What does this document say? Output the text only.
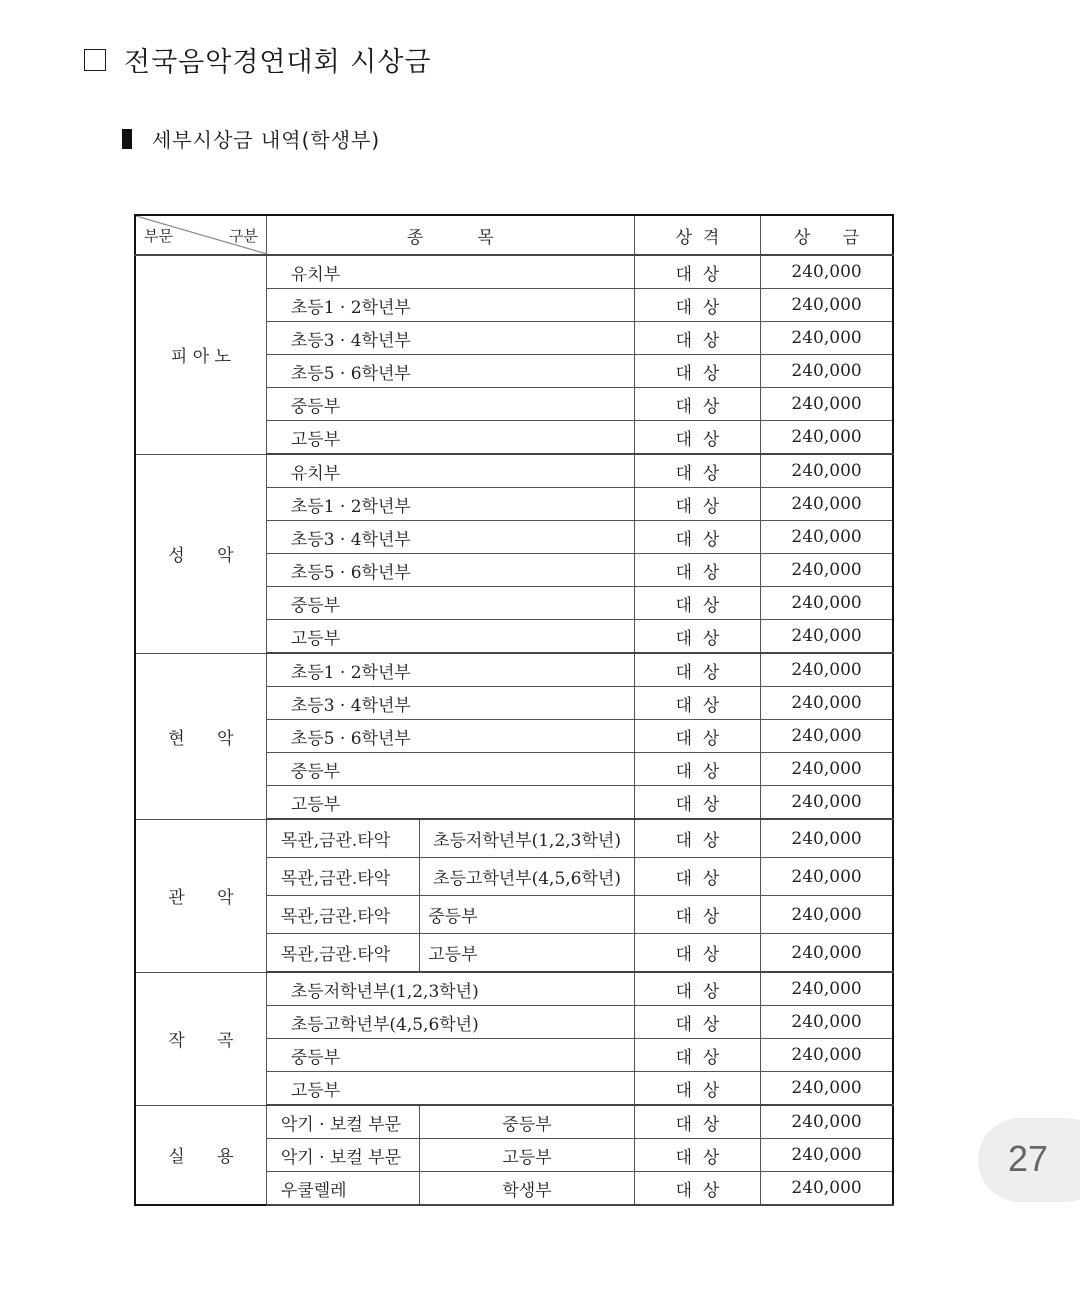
전국음악경연대회 시상금
세부시상금 내역(학생부)
부문 구분	종          목		상  격	상      금
피 아 노	유치부		대  상	240,000
	초등1 · 2학년부		대  상	240,000
	초등3 · 4학년부		대  상	240,000
	초등5 · 6학년부		대  상	240,000
	중등부		대  상	240,000
	고등부		대  상	240,000
성      악	유치부		대  상	240,000
	초등1 · 2학년부		대  상	240,000
	초등3 · 4학년부		대  상	240,000
	초등5 · 6학년부		대  상	240,000
	중등부		대  상	240,000
	고등부		대  상	240,000
현      악	초등1 · 2학년부		대  상	240,000
	초등3 · 4학년부		대  상	240,000
	초등5 · 6학년부		대  상	240,000
	중등부		대  상	240,000
	고등부		대  상	240,000
관      악	목관,금관.타악	초등저학년부(1,2,3학년)	대  상	240,000
	목관,금관.타악	초등고학년부(4,5,6학년)	대  상	240,000
	목관,금관.타악	중등부	대  상	240,000
	목관,금관.타악	고등부	대  상	240,000
작      곡	초등저학년부(1,2,3학년)		대  상	240,000
	초등고학년부(4,5,6학년)		대  상	240,000
	중등부		대  상	240,000
	고등부		대  상	240,000
실      용	악기 · 보컬 부문	중등부	대  상	240,000
	악기 · 보컬 부문	고등부	대  상	240,000
	우쿨렐레	학생부	대  상	240,000
27
